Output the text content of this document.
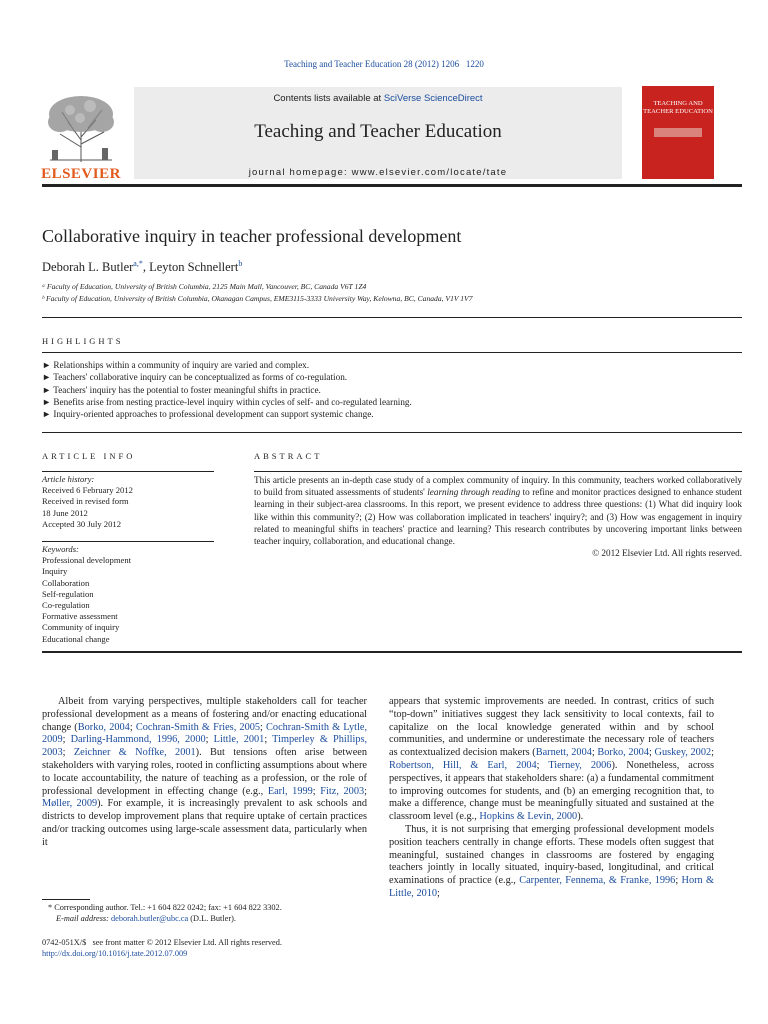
Teaching and Teacher Education 28 (2012) 1206   1220
ELSEVIER
Contents lists available at SciVerse ScienceDirect
Teaching and Teacher Education
journal homepage: www.elsevier.com/locate/tate
TEACHING AND TEACHER EDUCATION
Collaborative inquiry in teacher professional development
Deborah L. Butler$^{a,*}$, Leyton Schnellert$^b$
ᵃ Faculty of Education, University of British Columbia, 2125 Main Mall, Vancouver, BC, Canada V6T 1Z4
ᵇ Faculty of Education, University of British Columbia, Okanagan Campus, EME3115-3333 University Way, Kelowna, BC, Canada, V1V 1V7
HIGHLIGHTS
► Relationships within a community of inquiry are varied and complex.
► Teachers' collaborative inquiry can be conceptualized as forms of co-regulation.
► Teachers' inquiry has the potential to foster meaningful shifts in practice.
► Benefits arise from nesting practice-level inquiry within cycles of self- and co-regulated learning.
► Inquiry-oriented approaches to professional development can support systemic change.
ARTICLE INFO
Article history:
Received 6 February 2012
Received in revised form
18 June 2012
Accepted 30 July 2012
Keywords:
Professional development
Inquiry
Collaboration
Self-regulation
Co-regulation
Formative assessment
Community of inquiry
Educational change
ABSTRACT
This article presents an in-depth case study of a complex community of inquiry. In this community, teachers worked collaboratively to build from situated assessments of students' learning through reading to refine and monitor practices designed to enhance student learning in their subject-area classrooms. In this report, we present evidence to address three questions: (1) What did inquiry look like within this community?; (2) How was collaboration implicated in teachers' inquiry?; and (3) How was engagement in inquiry related to meaningful shifts in teachers' practice and learning? This research contributes by uncovering important links between teacher inquiry, collaboration, and educational change.
© 2012 Elsevier Ltd. All rights reserved.

Albeit from varying perspectives, multiple stakeholders call for teacher professional development as a means of fostering and/or enacting educational change (Borko, 2004; Cochran-Smith & Fries, 2005; Cochran-Smith & Lytle, 2009; Darling-Hammond, 1996, 2000; Little, 2001; Timperley & Phillips, 2003; Zeichner & Noffke, 2001). But tensions often arise between stakeholders with varying roles, rooted in conflicting assumptions about where to locate accountability, the nature of teaching as a profession, or the role of professional development in effecting change (e.g., Earl, 1999; Fitz, 2003; Møller, 2009). For example, it is increasingly prevalent to ask schools and districts to develop improvement plans that require uptake of certain practices and/or tracking outcomes using large-scale assessment data, particularly when it

appears that systemic improvements are needed. In contrast, critics of such “top-down” initiatives suggest they lack sensitivity to local contexts, fail to capitalize on the local knowledge generated within and by school communities, and undermine or underestimate the necessary role of teachers as contextualized decision makers (Barnett, 2004; Borko, 2004; Guskey, 2002; Robertson, Hill, & Earl, 2004; Tierney, 2006). Nonetheless, across perspectives, it appears that stakeholders share: (a) a fundamental commitment to improving outcomes for students, and (b) an emerging recognition that, to make a difference, change must be meaningfully situated and sustained at the classroom level (e.g., Hopkins & Levin, 2000).

Thus, it is not surprising that emerging professional development models position teachers centrally in change efforts. These models often suggest that meaningful, sustained changes in classrooms are fostered by engaging teachers jointly in locally situated, inquiry-based, longitudinal, and critical examinations of practice (e.g., Carpenter, Fennema, & Franke, 1996; Horn & Little, 2010;

* Corresponding author. Tel.: +1 604 822 0242; fax: +1 604 822 3302.
E-mail address: deborah.butler@ubc.ca (D.L. Butler).
0742-051X/$   see front matter © 2012 Elsevier Ltd. All rights reserved.
http://dx.doi.org/10.1016/j.tate.2012.07.009
